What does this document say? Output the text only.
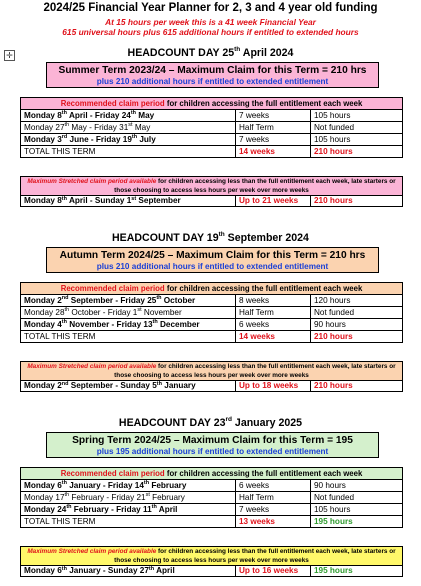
2024/25 Financial Year Planner for 2, 3 and 4 year old funding
At 15 hours per week this is a 41 week Financial Year
615 universal hours plus 615 additional hours if entitled to extended hours
✛	HEADCOUNT DAY 25th April 2024
Summer Term 2023/24 – Maximum Claim for this Term = 210 hrs
plus 210 additional hours if entitled to extended entitlement
Recommended claim period for children accessing the full entitlement each week
Monday 8th April - Friday 24th May	7 weeks	105 hours
Monday 27th May - Friday 31st May	Half Term	Not funded
Monday 3rd June - Friday 19th July	7 weeks	105 hours
TOTAL THIS TERM	14 weeks	210 hours
Maximum Stretched claim period available for children accessing less than the full entitlement each week, late starters or those choosing to access less hours per week over more weeks
Monday 8th April - Sunday 1st September	Up to 21 weeks	210 hours
HEADCOUNT DAY 19th September 2024
Autumn Term 2024/25 – Maximum Claim for this Term = 210 hrs
plus 210 additional hours if entitled to extended entitlement
Recommended claim period for children accessing the full entitlement each week
Monday 2nd September - Friday 25th October	8 weeks	120 hours
Monday 28th October - Friday 1st November	Half Term	Not funded
Monday 4th November - Friday 13th December	6 weeks	90 hours
TOTAL THIS TERM	14 weeks	210 hours
Maximum Stretched claim period available for children accessing less than the full entitlement each week, late starters or those choosing to access less hours per week over more weeks
Monday 2nd September - Sunday 5th January	Up to 18 weeks	210 hours
HEADCOUNT DAY 23rd January 2025
Spring Term 2024/25 – Maximum Claim for this Term = 195
plus 195 additional hours if entitled to extended entitlement
Recommended claim period for children accessing the full entitlement each week
Monday 6th January - Friday 14th February	6 weeks	90 hours
Monday 17th February - Friday 21st February	Half Term	Not funded
Monday 24th February - Friday 11th April	7 weeks	105 hours
TOTAL THIS TERM	13 weeks	195 hours
Maximum Stretched claim period available for children accessing less than the full entitlement each week, late starters or those choosing to access less hours per week over more weeks
Monday 6th January - Sunday 27th April	Up to 16 weeks	195 hours
